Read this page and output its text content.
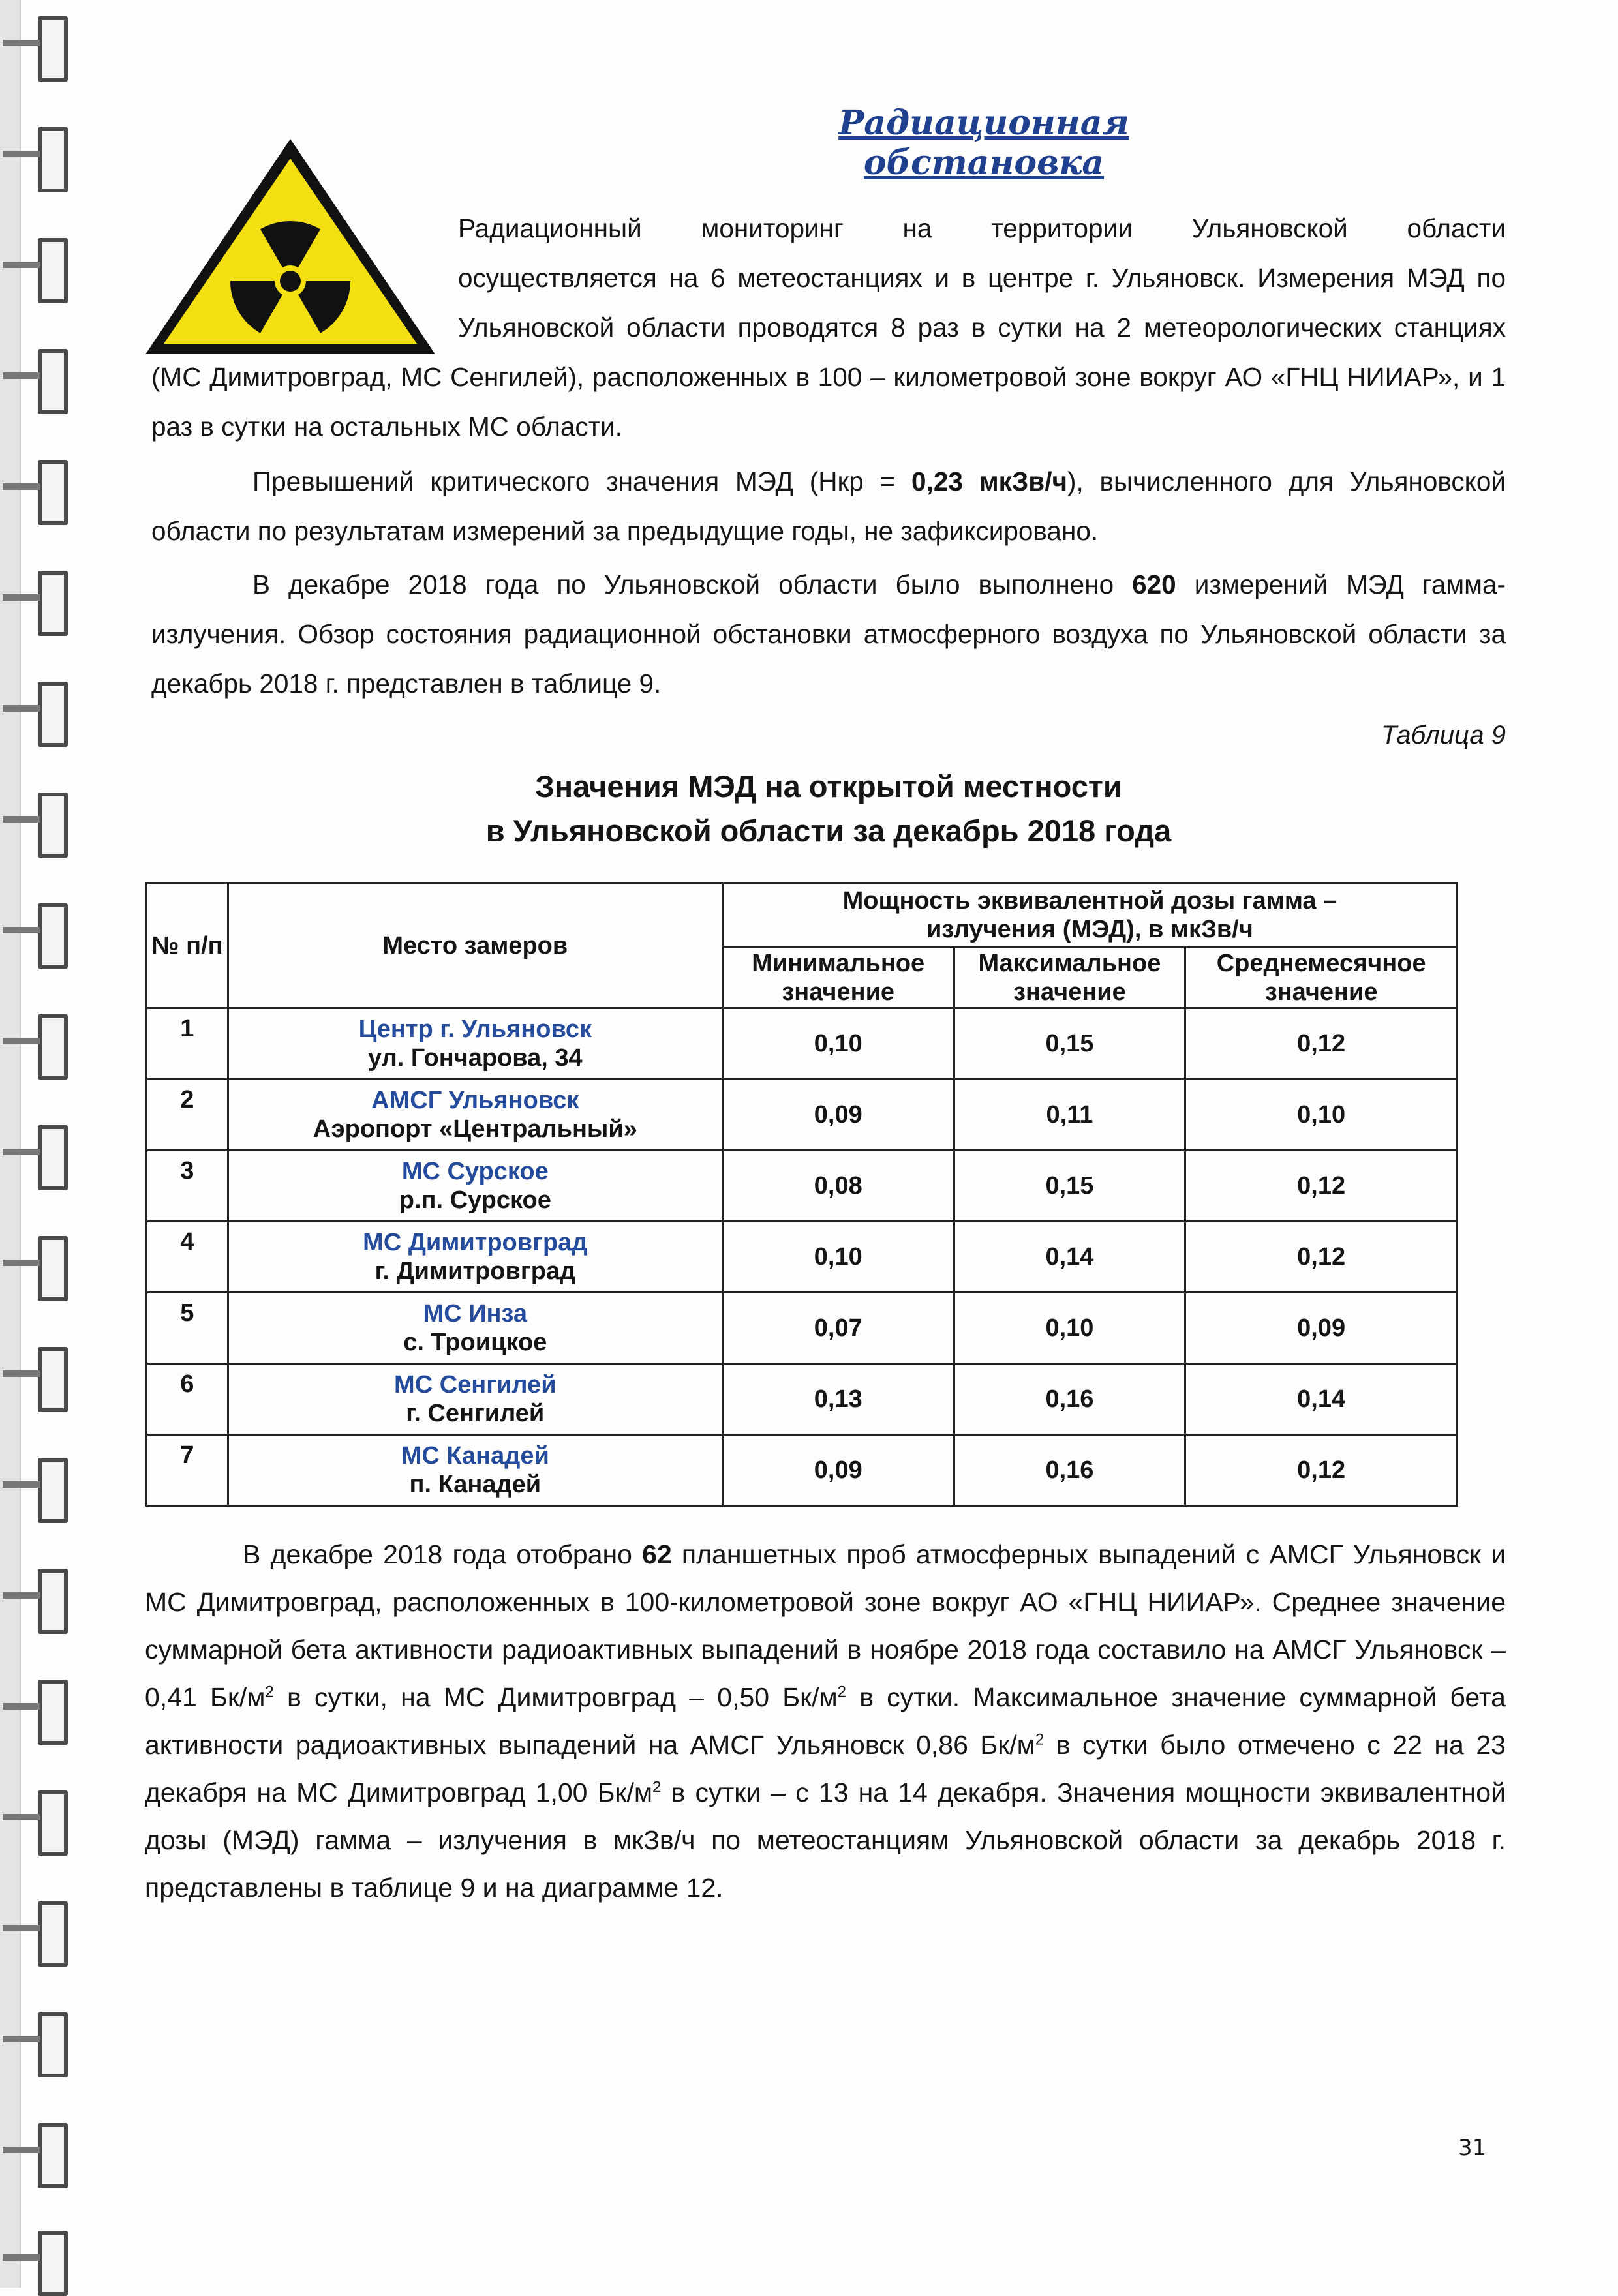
Радиационная обстановка

Радиационный мониторинг на территории Ульяновской области
осуществляется на 6 метеостанциях и в центре г. Ульяновск. Измерения МЭД по Ульяновской области проводятся 8 раз в сутки на 2 метеорологических станциях (МС Димитровград, МС Сенгилей), расположенных в 100 – километровой зоне вокруг АО «ГНЦ НИИАР», и 1 раз в сутки на остальных МС области.

Превышений критического значения МЭД (Нкр = 0,23 мкЗв/ч), вычисленного для Ульяновской области по результатам измерений за предыдущие годы, не зафиксировано.

В декабре 2018 года по Ульяновской области было выполнено 620 измерений МЭД гамма-излучения. Обзор состояния радиационной обстановки атмосферного воздуха по Ульяновской области за декабрь 2018 г. представлен в таблице 9.

Таблица 9
Значения МЭД на открытой местности
в Ульяновской области за декабрь 2018 года
№ п/п	Место замеров	Мощность эквивалентной дозы гамма – излучения (МЭД), в мкЗв/ч		
		Минимальное значение	Максимальное значение	Среднемесячное значение
1	Центр г. Ульяновск
ул. Гончарова, 34	0,10	0,15	0,12
2	АМСГ Ульяновск
Аэропорт «Центральный»	0,09	0,11	0,10
3	МС Сурское
р.п. Сурское	0,08	0,15	0,12
4	МС Димитровград
г. Димитровград	0,10	0,14	0,12
5	МС Инза
с. Троицкое	0,07	0,10	0,09
6	МС Сенгилей
г. Сенгилей	0,13	0,16	0,14
7	МС Канадей
п. Канадей	0,09	0,16	0,12

В декабре 2018 года отобрано 62 планшетных проб атмосферных выпадений с АМСГ Ульяновск и МС Димитровград, расположенных в 100-километровой зоне вокруг АО «ГНЦ НИИАР». Среднее значение суммарной бета активности радиоактивных выпадений в ноябре 2018 года составило на АМСГ Ульяновск – 0,41 $Бк/м^2$ в сутки, на МС Димитровград – 0,50 $Бк/м^2$ в сутки. Максимальное значение суммарной бета активности радиоактивных выпадений на АМСГ Ульяновск 0,86 $Бк/м^2$ в сутки было отмечено с 22 на 23 декабря на МС Димитровград 1,00 $Бк/м^2$ в сутки – с 13 на 14 декабря. Значения мощности эквивалентной дозы (МЭД) гамма – излучения в мкЗв/ч по метеостанциям Ульяновской области за декабрь 2018 г. представлены в таблице 9 и на диаграмме 12.

31
